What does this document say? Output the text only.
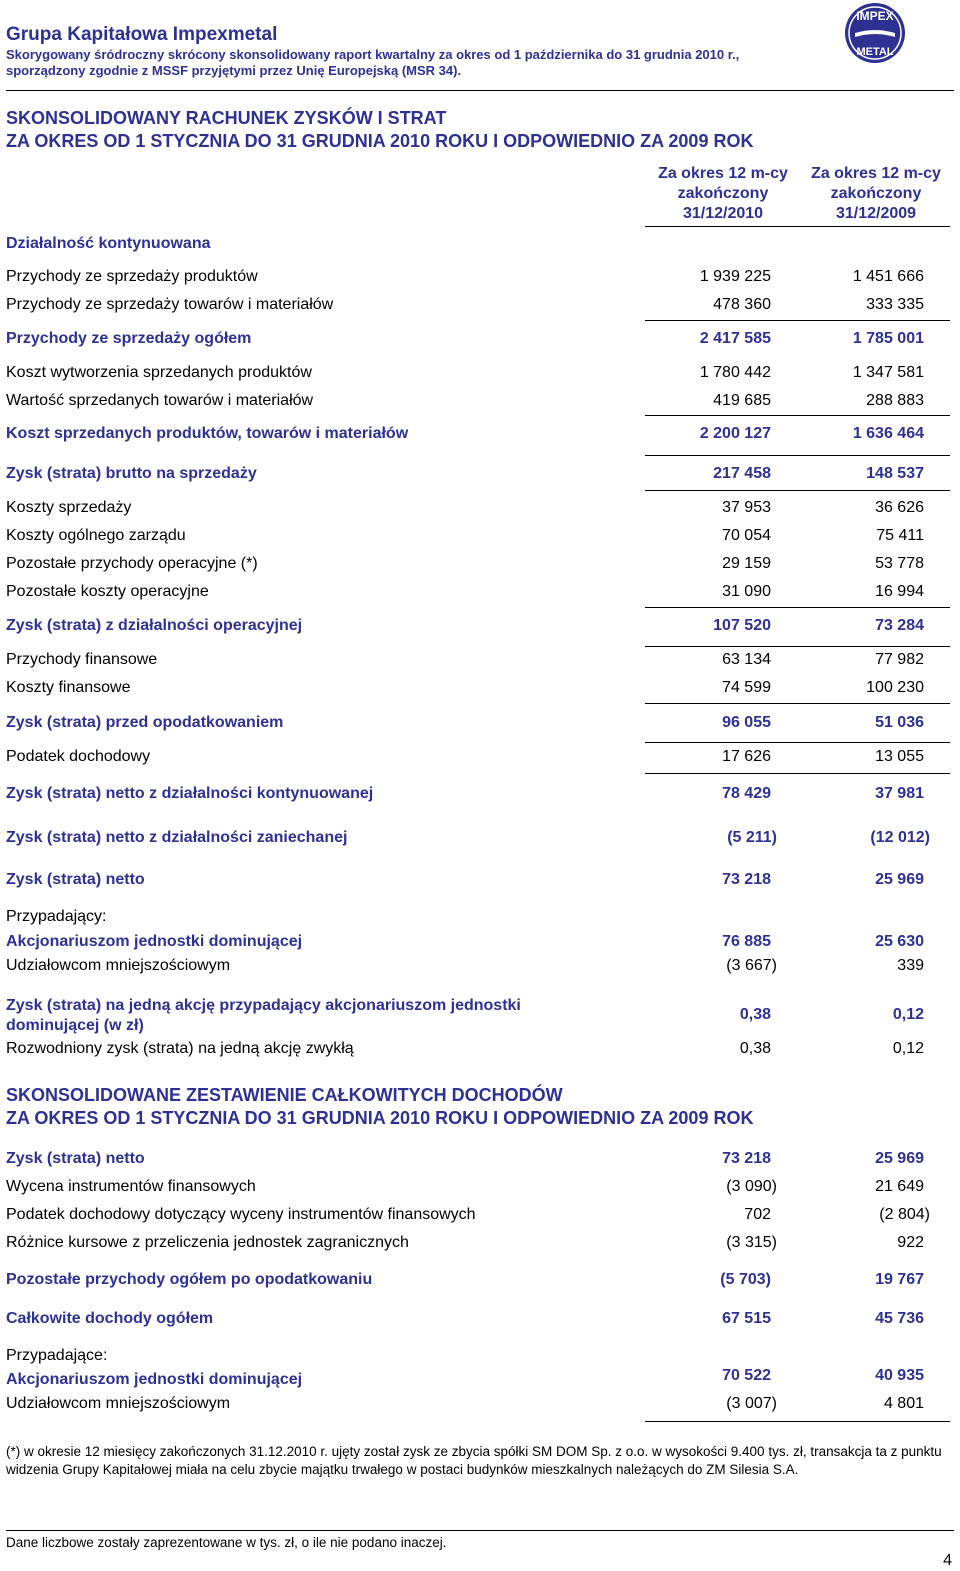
Grupa Kapitałowa Impexmetal

Skorygowany śródroczny skrócony skonsolidowany raport kwartalny za okres od 1 października do 31 grudnia 2010 r.,
sporządzony zgodnie z MSSF przyjętymi przez Unię Europejską (MSR 34).

IMPEX
METAL
SKONSOLIDOWANY RACHUNEK ZYSKÓW I STRAT
ZA OKRES OD 1 STYCZNIA DO 31 GRUDNIA 2010 ROKU I ODPOWIEDNIO ZA 2009 ROK
Za okres 12 m-cy
zakończony
31/12/2010
Za okres 12 m-cy
zakończony
31/12/2009
Działalność kontynuowana
Przychody ze sprzedaży produktów	1 939 225	1 451 666
Przychody ze sprzedaży towarów i materiałów	478 360	333 335
Przychody ze sprzedaży ogółem	2 417 585	1 785 001
Koszt wytworzenia sprzedanych produktów	1 780 442	1 347 581
Wartość sprzedanych towarów i materiałów	419 685	288 883
Koszt sprzedanych produktów, towarów i materiałów	2 200 127	1 636 464
Zysk (strata) brutto na sprzedaży	217 458	148 537
Koszty sprzedaży	37 953	36 626
Koszty ogólnego zarządu	70 054	75 411
Pozostałe przychody operacyjne (*)	29 159	53 778
Pozostałe koszty operacyjne	31 090	16 994
Zysk (strata) z działalności operacyjnej	107 520	73 284
Przychody finansowe	63 134	77 982
Koszty finansowe	74 599	100 230
Zysk (strata) przed opodatkowaniem	96 055	51 036
Podatek dochodowy	17 626	13 055
Zysk (strata) netto z działalności kontynuowanej	78 429	37 981
Zysk (strata) netto z działalności zaniechanej	(5 211)	(12 012)
Zysk (strata) netto	73 218	25 969
Przypadający:
Akcjonariuszom jednostki dominującej	76 885	25 630
Udziałowcom mniejszościowym	(3 667)	339
Zysk (strata) na jedną akcję przypadający akcjonariuszom jednostki
dominującej (w zł)
0,38	0,12
Rozwodniony zysk (strata) na jedną akcję zwykłą	0,38	0,12
SKONSOLIDOWANE ZESTAWIENIE CAŁKOWITYCH DOCHODÓW
ZA OKRES OD 1 STYCZNIA DO 31 GRUDNIA 2010 ROKU I ODPOWIEDNIO ZA 2009 ROK
Zysk (strata) netto	73 218	25 969
Wycena instrumentów finansowych	(3 090)	21 649
Podatek dochodowy dotyczący wyceny instrumentów finansowych	702	(2 804)
Różnice kursowe z przeliczenia jednostek zagranicznych	(3 315)	922
Pozostałe przychody ogółem po opodatkowaniu	(5 703)	19 767
Całkowite dochody ogółem	67 515	45 736
Przypadające:
Akcjonariuszom jednostki dominującej	70 522	40 935
Udziałowcom mniejszościowym	(3 007)	4 801

(*) w okresie 12 miesięcy zakończonych 31.12.2010 r. ujęty został zysk ze zbycia spółki SM DOM Sp. z o.o. w wysokości 9.400 tys. zł, transakcja ta z punktu widzenia Grupy Kapitałowej miała na celu zbycie majątku trwałego w postaci budynków mieszkalnych należących do ZM Silesia S.A.

Dane liczbowe zostały zaprezentowane w tys. zł, o ile nie podano inaczej.
4
